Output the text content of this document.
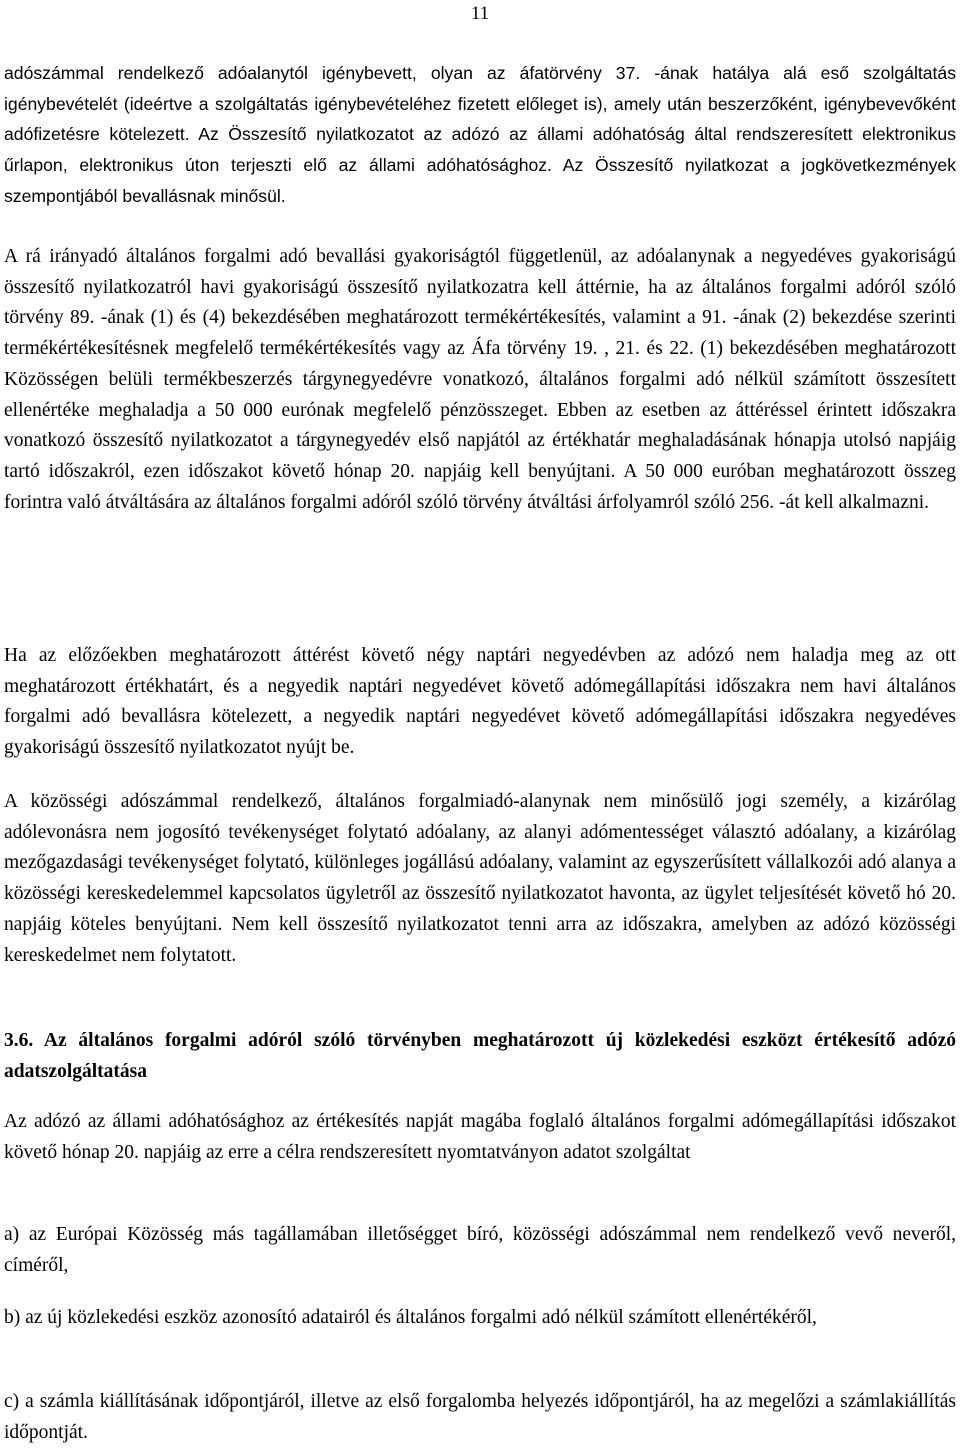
11

adószámmal rendelkező adóalanytól igénybevett, olyan az áfatörvény 37. -ának hatálya alá eső szolgáltatás igénybevételét (ideértve a szolgáltatás igénybevételéhez fizetett előleget is), amely után beszerzőként, igénybevevőként adófizetésre kötelezett. Az Összesítő nyilatkozatot az adózó az állami adóhatóság által rendszeresített elektronikus űrlapon, elektronikus úton terjeszti elő az állami adóhatósághoz. Az Összesítő nyilatkozat a jogkövetkezmények szempontjából bevallásnak minősül.

A rá irányadó általános forgalmi adó bevallási gyakoriságtól függetlenül, az adóalanynak a negyedéves gyakoriságú összesítő nyilatkozatról havi gyakoriságú összesítő nyilatkozatra kell áttérnie, ha az általános forgalmi adóról szóló törvény 89. -ának (1) és (4) bekezdésében meghatározott termékértékesítés, valamint a 91. -ának (2) bekezdése szerinti termékértékesítésnek megfelelő termékértékesítés vagy az Áfa törvény 19. , 21. és 22. (1) bekezdésében meghatározott Közösségen belüli termékbeszerzés tárgynegyedévre vonatkozó, általános forgalmi adó nélkül számított összesített ellenértéke meghaladja a 50 000 eurónak megfelelő pénzösszeget. Ebben az esetben az áttéréssel érintett időszakra vonatkozó összesítő nyilatkozatot a tárgynegyedév első napjától az értékhatár meghaladásának hónapja utolsó napjáig tartó időszakról, ezen időszakot követő hónap 20. napjáig kell benyújtani. A 50 000 euróban meghatározott összeg forintra való átváltására az általános forgalmi adóról szóló törvény átváltási árfolyamról szóló 256. -át kell alkalmazni.

Ha az előzőekben meghatározott áttérést követő négy naptári negyedévben az adózó nem haladja meg az ott meghatározott értékhatárt, és a negyedik naptári negyedévet követő adómegállapítási időszakra nem havi általános forgalmi adó bevallásra kötelezett, a negyedik naptári negyedévet követő adómegállapítási időszakra negyedéves gyakoriságú összesítő nyilatkozatot nyújt be.

A közösségi adószámmal rendelkező, általános forgalmiadó-alanynak nem minősülő jogi személy, a kizárólag adólevonásra nem jogosító tevékenységet folytató adóalany, az alanyi adómentességet választó adóalany, a kizárólag mezőgazdasági tevékenységet folytató, különleges jogállású adóalany, valamint az egyszerűsített vállalkozói adó alanya a közösségi kereskedelemmel kapcsolatos ügyletről az összesítő nyilatkozatot havonta, az ügylet teljesítését követő hó 20. napjáig köteles benyújtani. Nem kell összesítő nyilatkozatot tenni arra az időszakra, amelyben az adózó közösségi kereskedelmet nem folytatott.

3.6. Az általános forgalmi adóról szóló törvényben meghatározott új közlekedési eszközt értékesítő adózó adatszolgáltatása

Az adózó az állami adóhatósághoz az értékesítés napját magába foglaló általános forgalmi adómegállapítási időszakot követő hónap 20. napjáig az erre a célra rendszeresített nyomtatványon adatot szolgáltat

a) az Európai Közösség más tagállamában illetőségget bíró, közösségi adószámmal nem rendelkező vevő neveről, címéről,

b) az új közlekedési eszköz azonosító adatairól és általános forgalmi adó nélkül számított ellenértékéről,

c) a számla kiállításának időpontjáról, illetve az első forgalomba helyezés időpontjáról, ha az megelőzi a számlakiállítás időpontját.
